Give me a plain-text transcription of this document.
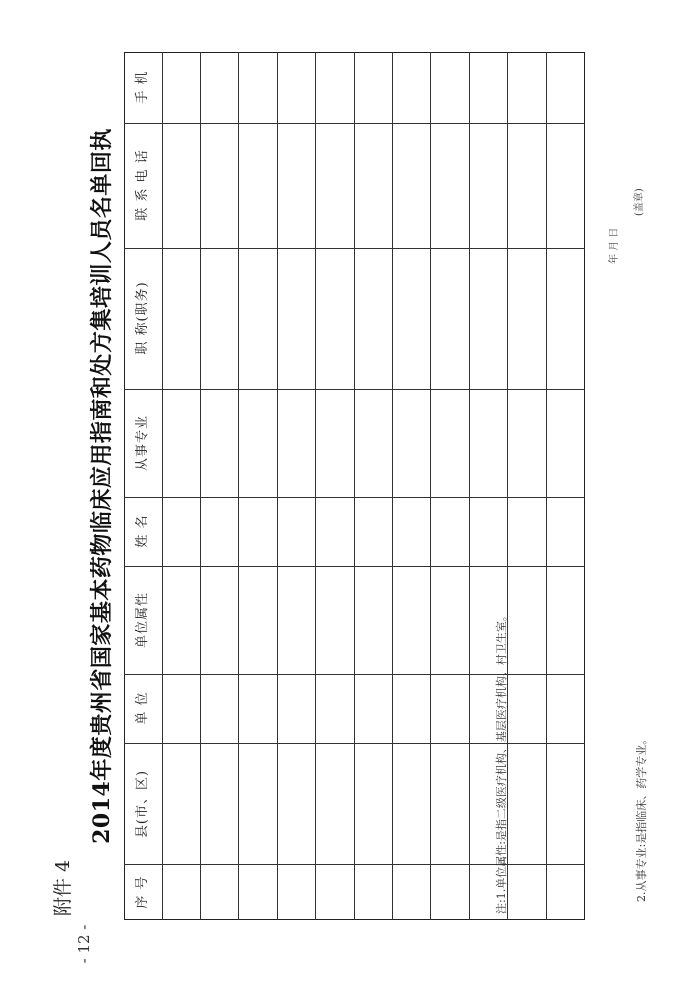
- 12 -
附件 4
2014年度贵州省国家基本药物临床应用指南和处方集培训人员名单回执
序 号
县(市、区)
单 位
单位属性
姓 名
从事专业
职 称(职务)
联 系 电 话
手 机
注:1.单位属性:是指二级医疗机构、基层医疗机构、村卫生室。	2.从事专业:是指临床、药学专业。
年 月 日
(盖章)
